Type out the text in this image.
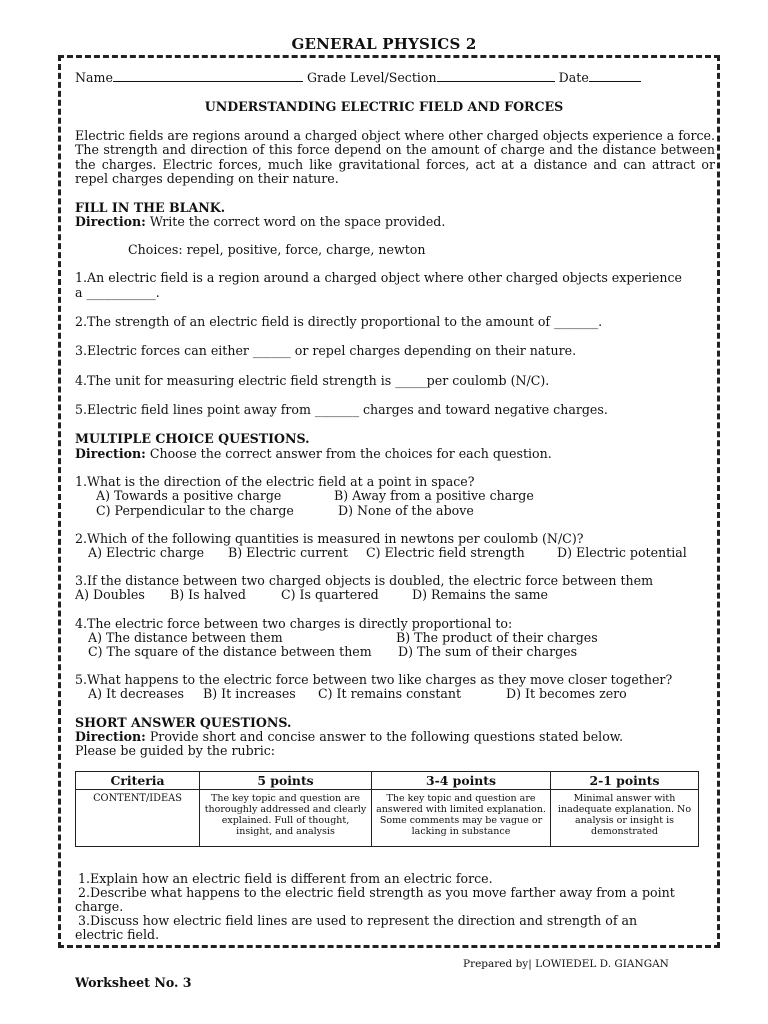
GENERAL PHYSICS 2
Name	Grade Level/Section	Date
UNDERSTANDING ELECTRIC FIELD AND FORCES
Electric fields are regions around a charged object where other charged objects experience a force. The strength and direction of this force depend on the amount of charge and the distance between the charges. Electric forces, much like gravitational forces, act at a distance and can attract or repel charges depending on their nature.
FILL IN THE BLANK.
Direction: Write the correct word on the space provided.
Choices: repel, positive, force, charge, newton
1.An electric field is a region around a charged object where other charged objects experience
a ___________.
2.The strength of an electric field is directly proportional to the amount of _______.
3.Electric forces can either ______ or repel charges depending on their nature.
4.The unit for measuring electric field strength is _____per coulomb (N/C).
5.Electric field lines point away from _______ charges and toward negative charges.
MULTIPLE CHOICE QUESTIONS.
Direction: Choose the correct answer from the choices for each question.
1.What is the direction of the electric field at a point in space?
A) Towards a positive charge	B) Away from a positive charge
C) Perpendicular to the charge	D) None of the above
2.Which of the following quantities is measured in newtons per coulomb (N/C)?
A) Electric charge B) Electric current C) Electric field strength	D) Electric potential
3.If the distance between two charged objects is doubled, the electric force between them
A) Doubles B) Is halved	C) Is quartered	D) Remains the same
4.The electric force between two charges is directly proportional to:
A) The distance between them	B) The product of their charges
C) The square of the distance between them D) The sum of their charges
5.What happens to the electric force between two like charges as they move closer together?
A) It decreases B) It increases C) It remains constant	D) It becomes zero
SHORT ANSWER QUESTIONS.
Direction: Provide short and concise answer to the following questions stated below.
Please be guided by the rubric:
Criteria	5 points	3-4 points	2-1 points
CONTENT/IDEAS	The key topic and question are thoroughly addressed and clearly explained. Full of thought, insight, and analysis	The key topic and question are answered with limited explanation. Some comments may be vague or lacking in substance	Minimal answer with inadequate explanation. No analysis or insight is demonstrated
1.Explain how an electric field is different from an electric force.
2.Describe what happens to the electric field strength as you move farther away from a point
charge.
3.Discuss how electric field lines are used to represent the direction and strength of an
electric field.
Prepared by| LOWIEDEL D. GIANGAN
Worksheet No. 3
